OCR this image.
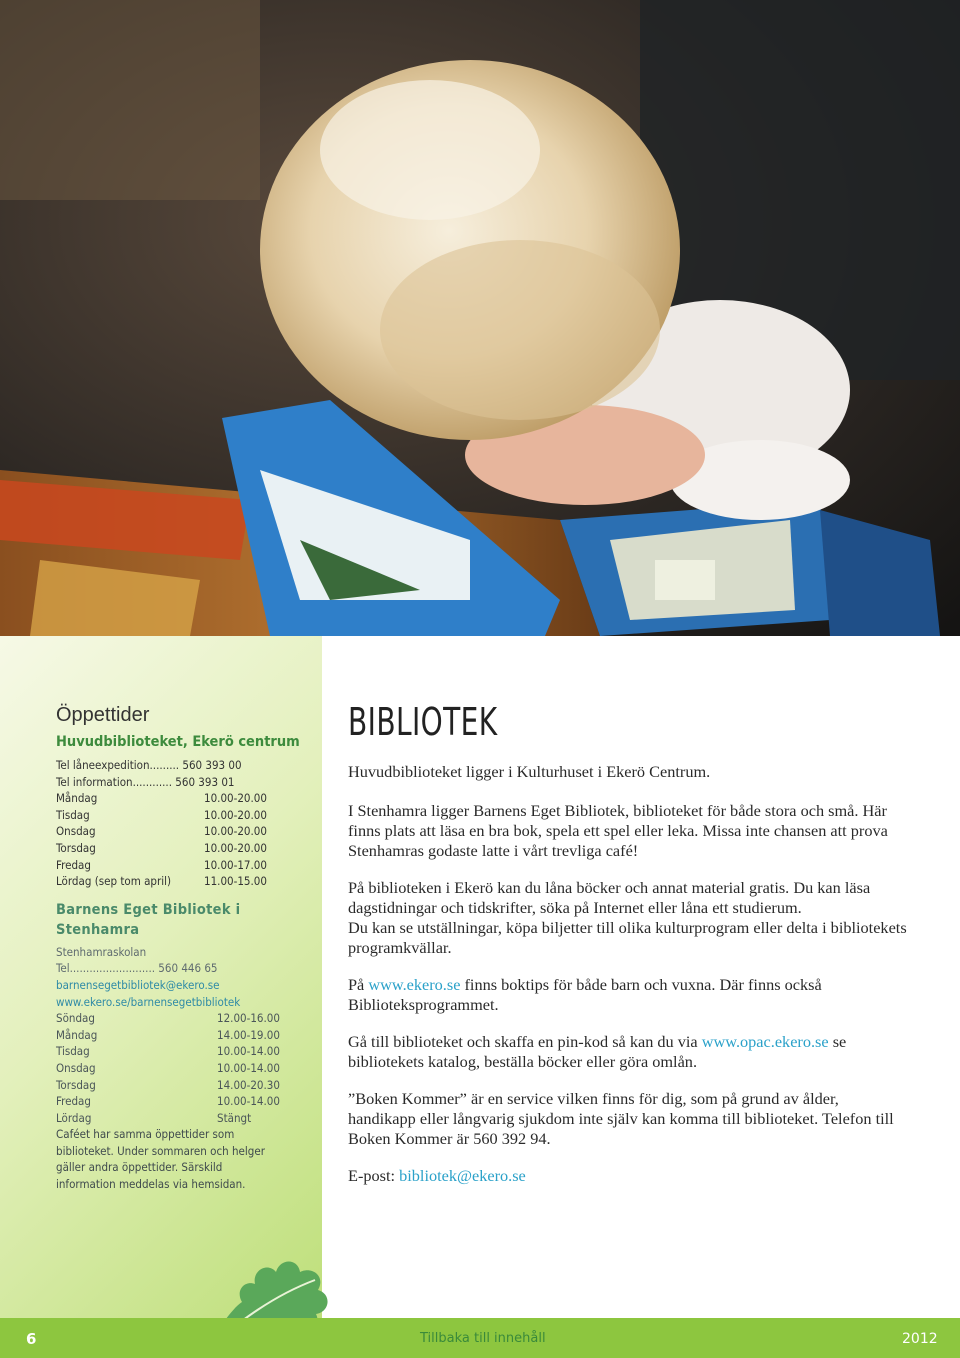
Öppettider
Huvudbiblioteket, Ekerö centrum
Tel låneexpedition......... 560 393 00
Tel information............ 560 393 01
Måndag	10.00-20.00
Tisdag	10.00-20.00
Onsdag	10.00-20.00
Torsdag	10.00-20.00
Fredag	10.00-17.00
Lördag (sep tom april)	11.00-15.00
Barnens Eget Bibliotek i Stenhamra
Stenhamraskolan
Tel.......................... 560 446 65
barnensegetbibliotek@ekero.se
www.ekero.se/barnensegetbibliotek
Söndag	12.00-16.00
Måndag	14.00-19.00
Tisdag	10.00-14.00
Onsdag	10.00-14.00
Torsdag	14.00-20.30
Fredag	10.00-14.00
Lördag	Stängt
Caféet har samma öppettider som biblioteket. Under sommaren och helger gäller andra öppettider. Särskild information meddelas via hemsidan.
BIBLIOTEK
Huvudbiblioteket ligger i Kulturhuset i Ekerö Centrum.
I Stenhamra ligger Barnens Eget Bibliotek, biblioteket för både stora och små. Här finns plats att läsa en bra bok, spela ett spel eller leka. Missa inte chansen att prova Stenhamras godaste latte i vårt trevliga café!
På biblioteken i Ekerö kan du låna böcker och annat material gratis. Du kan läsa dagstidningar och tidskrifter, söka på Internet eller låna ett studierum.
Du kan se utställningar, köpa biljetter till olika kulturprogram eller delta i bibliotekets programkvällar.
På www.ekero.se finns boktips för både barn och vuxna. Där finns också Biblioteksprogrammet.
Gå till biblioteket och skaffa en pin-kod så kan du via www.opac.ekero.se se bibliotekets katalog, beställa böcker eller göra omlån.
”Boken Kommer” är en service vilken finns för dig, som på grund av ålder, handikapp eller långvarig sjukdom inte själv kan komma till biblioteket. Telefon till Boken Kommer är 560 392 94.
E-post: bibliotek@ekero.se
6	Tillbaka till innehåll	2012
